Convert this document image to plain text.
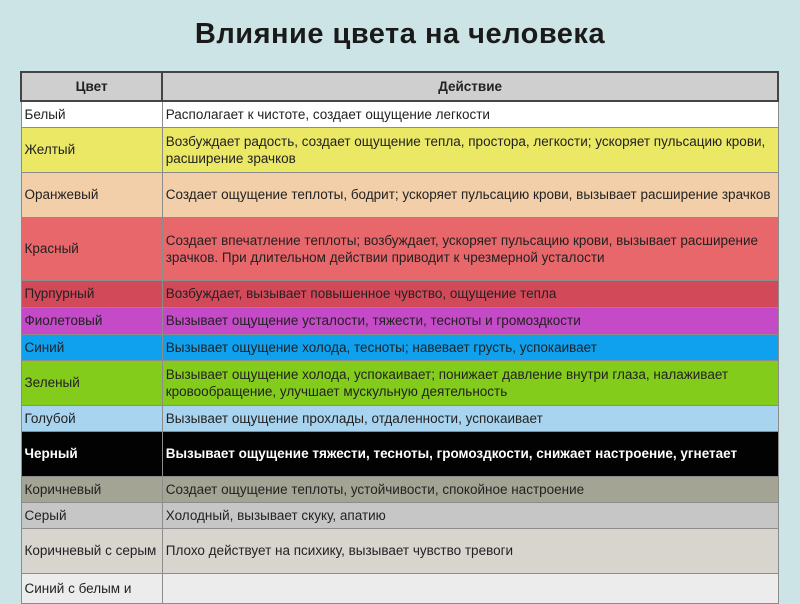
Влияние цвета на человека
Цвет	Действие
Белый	Располагает к чистоте, создает ощущение легкости
Желтый	Возбуждает радость, создает ощущение тепла, простора, легкости; ускоряет пульсацию крови, расширение зрачков
Оранжевый	Создает ощущение теплоты, бодрит; ускоряет пульсацию крови, вызывает расширение зрачков
Красный	Создает впечатление теплоты; возбуждает, ускоряет пульсацию крови, вызывает расширение зрачков. При длительном действии приводит к чрезмерной усталости
Пурпурный	Возбуждает, вызывает повышенное чувство, ощущение тепла
Фиолетовый	Вызывает ощущение усталости, тяжести, тесноты и громоздкости
Синий	Вызывает ощущение холода, тесноты; навевает грусть, успокаивает
Зеленый	Вызывает ощущение холода, успокаивает; понижает давление внутри глаза, налаживает кровообращение, улучшает мускульную деятельность
Голубой	Вызывает ощущение прохлады, отдаленности, успокаивает
Черный	Вызывает ощущение тяжести, тесноты, громоздкости, снижает настроение, угнетает
Коричневый	Создает ощущение теплоты, устойчивости, спокойное настроение
Серый	Холодный, вызывает скуку, апатию
Коричневый с серым	Плохо действует на психику, вызывает чувство тревоги
Синий с белым и	
